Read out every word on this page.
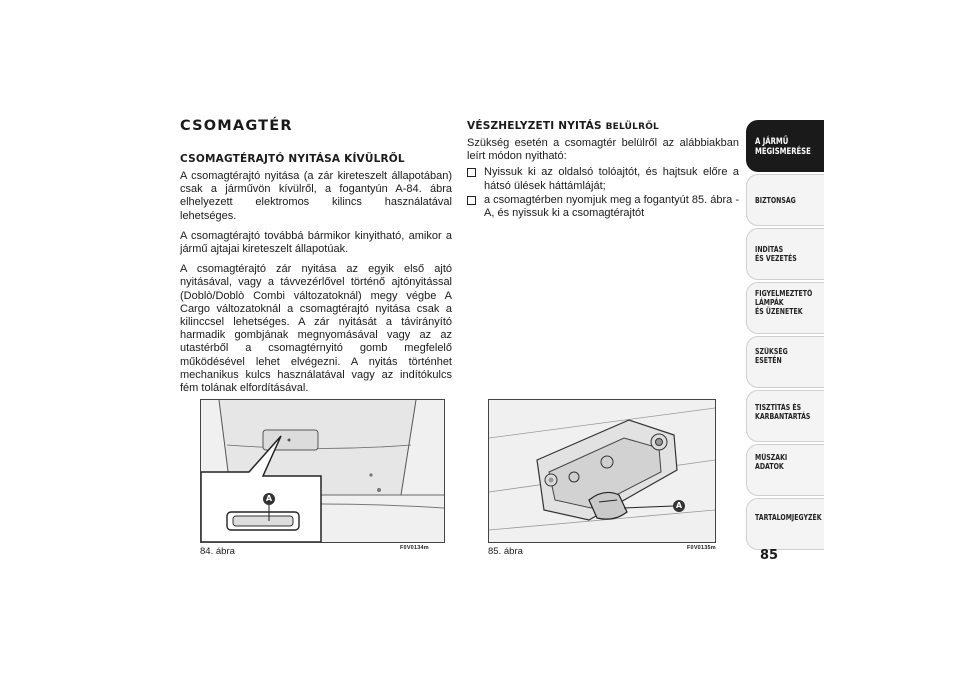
CSOMAGTÉR
CSOMAGTÉRAJTÓ NYITÁSA KÍVÜLRŐL

A csomagtérajtó nyitása (a zár kireteszelt állapotában) csak a járművön kívülről, a fogantyún A-84. ábra elhelyezett elektromos kilincs használatával lehetséges.

A csomagtérajtó továbbá bármikor kinyitható, amikor a jármű ajtajai kireteszelt állapotúak.

A csomagtérajtó zár nyitása az egyik első ajtó nyitásával, vagy a távvezérlővel történő ajtónyitással (Doblò/Doblò Combi változatoknál) megy végbe A Cargo változatoknál a csomagtérajtó nyitása csak a kilinccsel lehetséges. A zár nyitását a távirányító harmadik gombjának megnyomásával vagy az az utastérből a csomagtérnyitó gomb megfelelő működésével lehet elvégezni. A nyitás történhet mechanikus kulcs használatával vagy az indítókulcs fém tolának elfordításával.

VÉSZHELYZETI NYITÁS BELÜLRŐL

Szükség esetén a csomagtér belülről az alábbiakban leírt módon nyitható:

Nyissuk ki az oldalsó tolóajtót, és hajtsuk előre a hátsó ülések háttámláját;
a csomagtérben nyomjuk meg a fogantyút 85. ábra - A, és nyissuk ki a csomagtérajtót
A
84. ábra	F0V0134m
A
85. ábra	F0V0135m
A JÁRMŰ
MEGISMERÉSE
BIZTONSÁG
INDÍTÁS
ÉS VEZETÉS
FIGYELMEZTETŐ
LÁMPÁK
ÉS ÜZENETEK
SZÜKSÉG
ESETÉN
TISZTÍTÁS ÉS
KARBANTARTÁS
MŰSZAKI
ADATOK
TARTALOMJEGYZÉK
85
